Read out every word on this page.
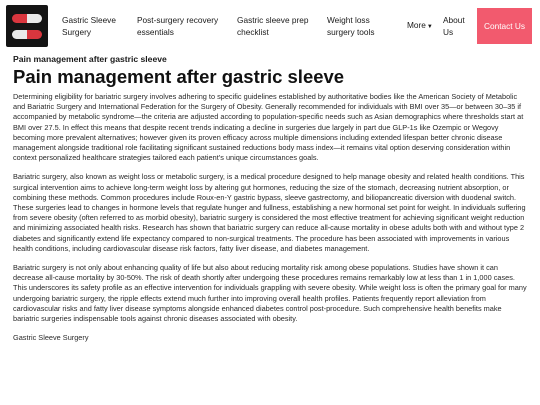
Gastric Sleeve Surgery
Post-surgery recovery essentials
Gastric sleeve prep checklist
Weight loss surgery tools
More▼
About Us
Contact Us
Pain management after gastric sleeve
Pain management after gastric sleeve

Determining eligibility for bariatric surgery involves adhering to specific guidelines established by authoritative bodies like the American Society of Metabolic and Bariatric Surgery and International Federation for the Surgery of Obesity. Generally recommended for individuals with BMI over 35—or between 30–35 if accompanied by metabolic syndrome—the criteria are adjusted according to population-specific needs such as Asian demographics where thresholds start at BMI over 27.5. In effect this means that despite recent trends indicating a decline in surgeries due largely in part due GLP-1s like Ozempic or Wegovy becoming more prevalent alternatives; however given its proven efficacy across multiple dimensions including extended lifespan better chronic disease management alongside traditional role facilitating significant sustained reductions body mass index—it remains vital option deserving consideration within context personalized healthcare strategies tailored each patient’s unique circumstances goals.

Bariatric surgery, also known as weight loss or metabolic surgery, is a medical procedure designed to help manage obesity and related health conditions. This surgical intervention aims to achieve long-term weight loss by altering gut hormones, reducing the size of the stomach, decreasing nutrient absorption, or combining these methods. Common procedures include Roux-en-Y gastric bypass, sleeve gastrectomy, and biliopancreatic diversion with duodenal switch. These surgeries lead to changes in hormone levels that regulate hunger and fullness, establishing a new hormonal set point for weight. In individuals suffering from severe obesity (often referred to as morbid obesity), bariatric surgery is considered the most effective treatment for achieving significant weight reduction and minimizing associated health risks. Research has shown that bariatric surgery can reduce all-cause mortality in obese adults both with and without type 2 diabetes and significantly extend life expectancy compared to non-surgical treatments. The procedure has been associated with improvements in various health conditions, including cardiovascular disease risk factors, fatty liver disease, and diabetes management.

Bariatric surgery is not only about enhancing quality of life but also about reducing mortality risk among obese populations. Studies have shown it can decrease all-cause mortality by 30-50%. The risk of death shortly after undergoing these procedures remains remarkably low at less than 1 in 1,000 cases. This underscores its safety profile as an effective intervention for individuals grappling with severe obesity. While weight loss is often the primary goal for many undergoing bariatric surgery, the ripple effects extend much further into improving overall health profiles. Patients frequently report alleviation from cardiovascular risks and fatty liver disease symptoms alongside enhanced diabetes control post-procedure. Such comprehensive health benefits make bariatric surgeries indispensable tools against chronic diseases associated with obesity.

Gastric Sleeve Surgery
